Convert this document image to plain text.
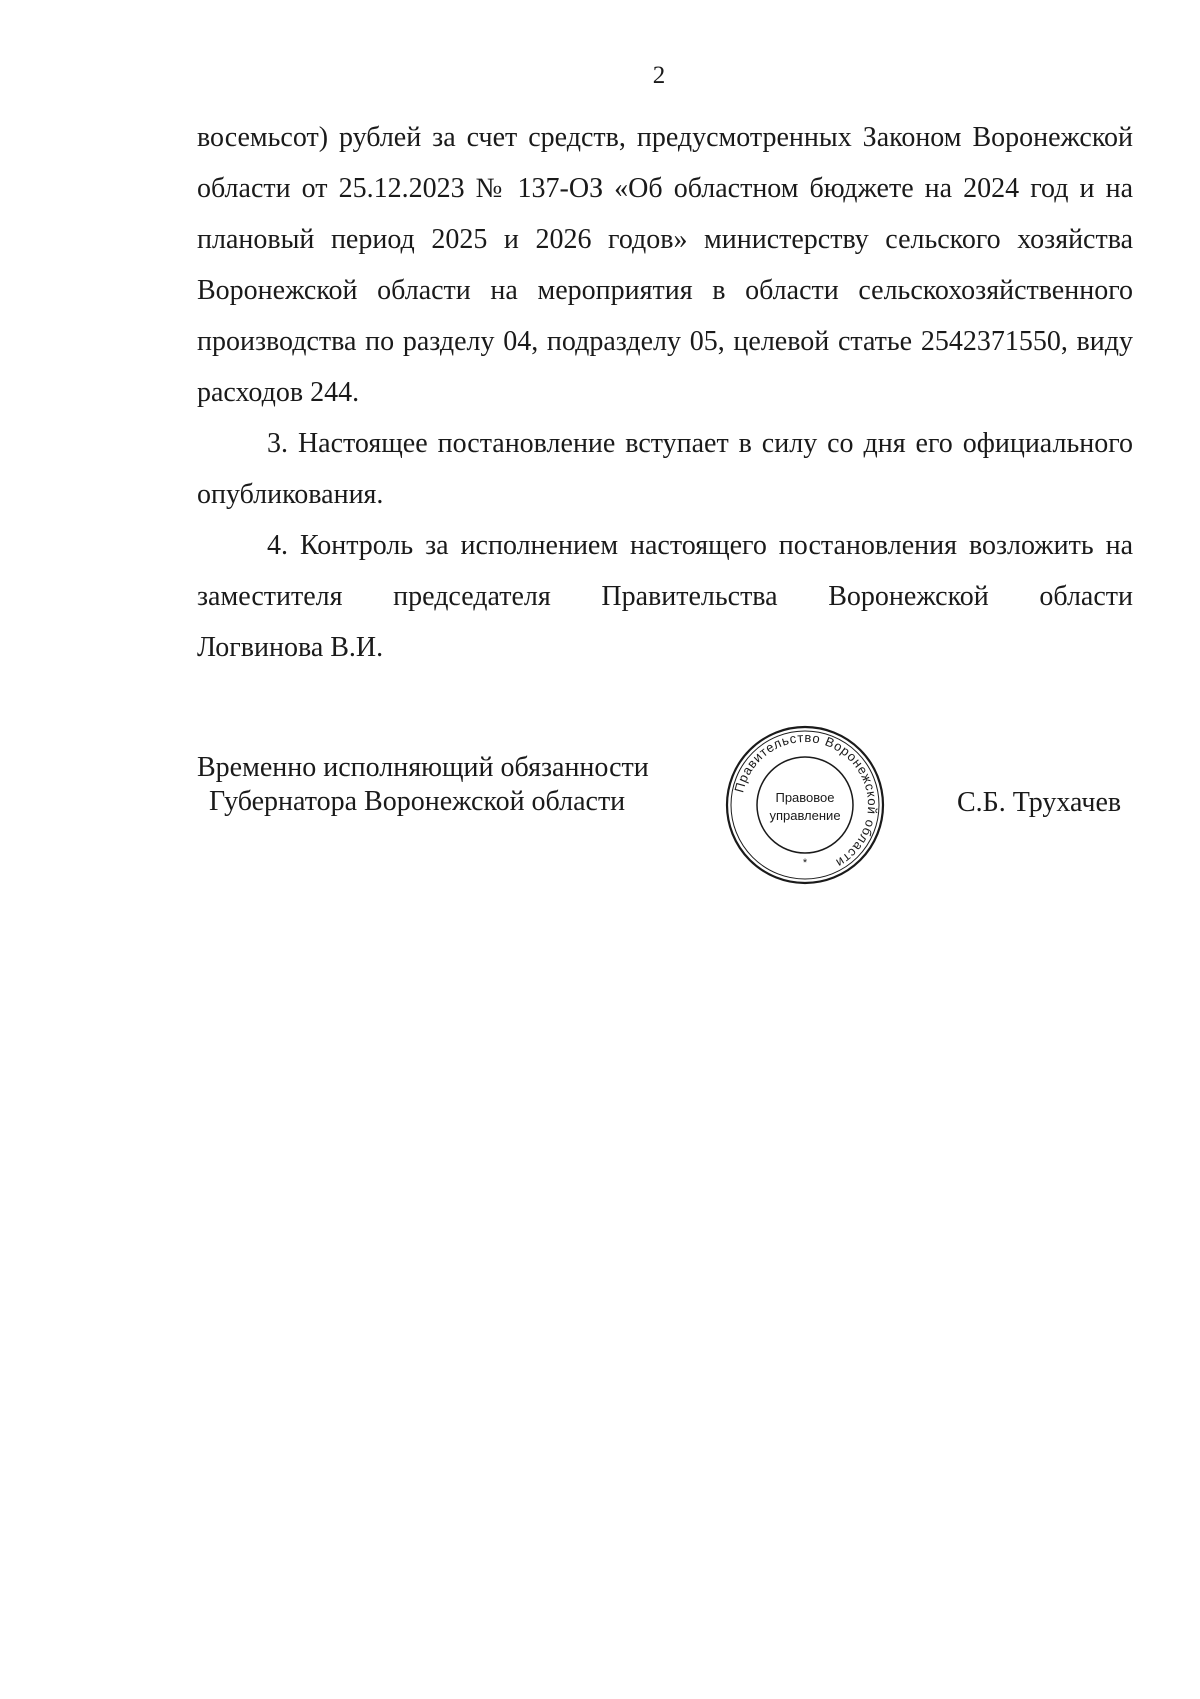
2

восемьсот) рублей за счет средств, предусмотренных Законом Воронежской области от 25.12.2023 № 137-ОЗ «Об областном бюджете на 2024 год и на плановый период 2025 и 2026 годов» министерству сельского хозяйства Воронежской области на мероприятия в области сельскохозяйственного производства по разделу 04, подразделу 05, целевой статье 2542371550, виду расходов 244.

3. Настоящее постановление вступает в силу со дня его официального опубликования.

4. Контроль за исполнением настоящего постановления возложить на заместителя председателя Правительства Воронежской области

Логвинова В.И.

Временно исполняющий обязанности
Губернатора Воронежской области	Правительство Воронежской области
Правовое
управление
*
С.Б. Трухачев
